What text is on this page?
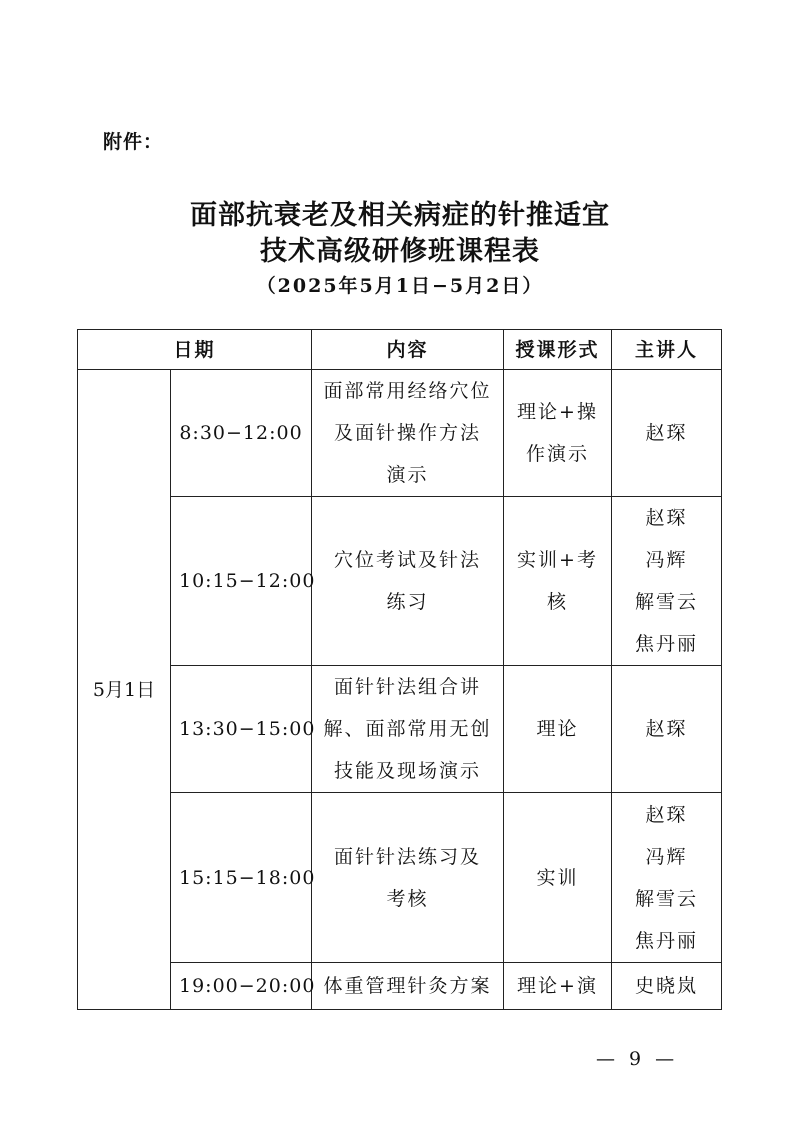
附件：
面部抗衰老及相关病症的针推适宜
技术高级研修班课程表
（2025年5月1日−5月2日）
日期		内容	授课形式	主讲人
5月1日	8:30−12:00	面部常用经络穴位
及面针操作方法
演示	理论+操
作演示	赵琛

	10:15−12:00	穴位考试及针法
练习	实训+考
核	赵琛
冯辉
解雪云
焦丹丽

	13:30−15:00	面针针法组合讲
解、面部常用无创
技能及现场演示	理论	赵琛

	15:15−18:00	面针针法练习及
考核	实训	赵琛
冯辉
解雪云
焦丹丽

	19:00−20:00	体重管理针灸方案	理论+演	史晓岚
— 9 —
